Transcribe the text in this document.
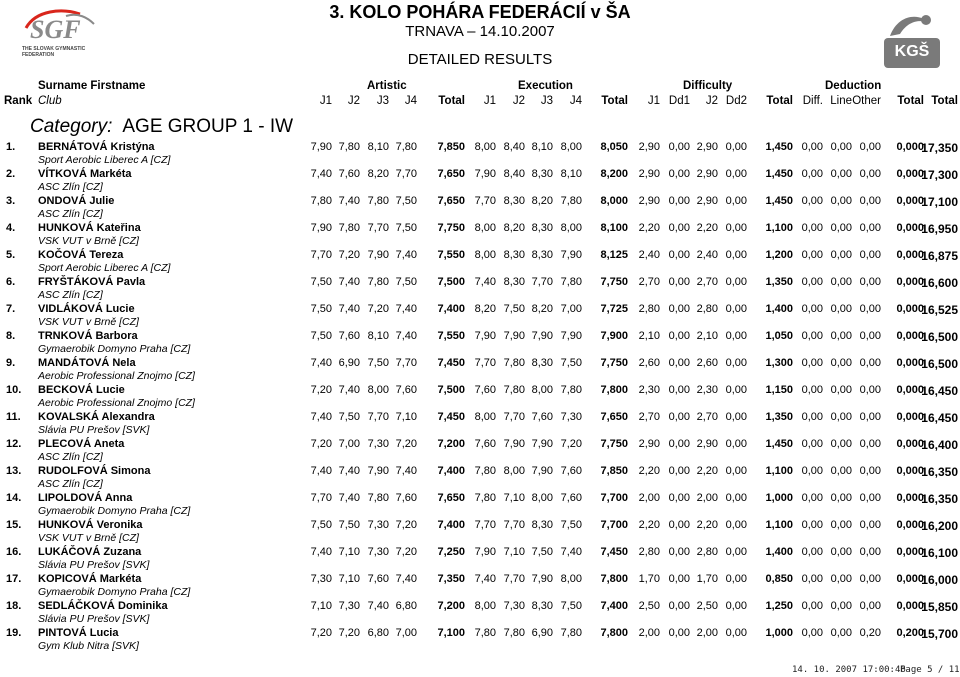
SGF
THE SLOVAK GYMNASTIC FEDERATION	KGŠ
3. KOLO POHÁRA FEDERÁCIÍ v ŠA
TRNAVA – 14.10.2007
DETAILED RESULTS
Surname Firstname
Rank Club
Artistic	Execution	Difficulty	Deduction
J1	J2	J3	J4	Total	J1	J2	J3	J4	Total	J1 Dd1	J2 Dd2	Total Diff. Line Other	Total Total
Category: AGE GROUP 1 - IW
1.	BERNÁTOVÁ Kristýna
Sport Aerobic Liberec A [CZ]
7,90 7,80 8,10 7,80	7,850 8,00 8,40 8,10 8,00	8,050 2,90 0,00 2,90 0,00	1,450 0,00 0,00 0,00	0,000
17,350
2.	VÍTKOVÁ Markéta
ASC Zlín [CZ]
7,40 7,60 8,20 7,70	7,650 7,90 8,40 8,30 8,10	8,200 2,90 0,00 2,90 0,00	1,450 0,00 0,00 0,00	0,000
17,300
3.	ONDOVÁ Julie
ASC Zlín [CZ]
7,80 7,40 7,80 7,50	7,650 7,70 8,30 8,20 7,80	8,000 2,90 0,00 2,90 0,00	1,450 0,00 0,00 0,00	0,000
17,100
4.	HUNKOVÁ Kateřina
VSK VUT v Brně [CZ]
7,90 7,80 7,70 7,50	7,750 8,00 8,20 8,30 8,00	8,100 2,20 0,00 2,20 0,00	1,100 0,00 0,00 0,00	0,000
16,950
5.	KOČOVÁ Tereza
Sport Aerobic Liberec A [CZ]
7,70 7,20 7,90 7,40	7,550 8,00 8,30 8,30 7,90	8,125 2,40 0,00 2,40 0,00	1,200 0,00 0,00 0,00	0,000
16,875
6.	FRYŠTÁKOVÁ Pavla
ASC Zlín [CZ]
7,50 7,40 7,80 7,50	7,500 7,40 8,30 7,70 7,80	7,750 2,70 0,00 2,70 0,00	1,350 0,00 0,00 0,00	0,000
16,600
7.	VIDLÁKOVÁ Lucie
VSK VUT v Brně [CZ]
7,50 7,40 7,20 7,40	7,400 8,20 7,50 8,20 7,00	7,725 2,80 0,00 2,80 0,00	1,400 0,00 0,00 0,00	0,000
16,525
8.	TRNKOVÁ Barbora
Gymaerobik Domyno Praha [CZ]
7,50 7,60 8,10 7,40	7,550 7,90 7,90 7,90 7,90	7,900 2,10 0,00 2,10 0,00	1,050 0,00 0,00 0,00	0,000
16,500
9.	MANDÁTOVÁ Nela
Aerobic Professional Znojmo [CZ]
7,40 6,90 7,50 7,70	7,450 7,70 7,80 8,30 7,50	7,750 2,60 0,00 2,60 0,00	1,300 0,00 0,00 0,00	0,000
16,500
10.	BECKOVÁ Lucie
Aerobic Professional Znojmo [CZ]
7,20 7,40 8,00 7,60	7,500 7,60 7,80 8,00 7,80	7,800 2,30 0,00 2,30 0,00	1,150 0,00 0,00 0,00	0,000
16,450
11.	KOVALSKÁ Alexandra
Slávia PU Prešov [SVK]
7,40 7,50 7,70 7,10	7,450 8,00 7,70 7,60 7,30	7,650 2,70 0,00 2,70 0,00	1,350 0,00 0,00 0,00	0,000
16,450
12.	PLECOVÁ Aneta
ASC Zlín [CZ]
7,20 7,00 7,30 7,20	7,200 7,60 7,90 7,90 7,20	7,750 2,90 0,00 2,90 0,00	1,450 0,00 0,00 0,00	0,000
16,400
13.	RUDOLFOVÁ Simona
ASC Zlín [CZ]
7,40 7,40 7,90 7,40	7,400 7,80 8,00 7,90 7,60	7,850 2,20 0,00 2,20 0,00	1,100 0,00 0,00 0,00	0,000
16,350
14.	LIPOLDOVÁ Anna
Gymaerobik Domyno Praha [CZ]
7,70 7,40 7,80 7,60	7,650 7,80 7,10 8,00 7,60	7,700 2,00 0,00 2,00 0,00	1,000 0,00 0,00 0,00	0,000
16,350
15.	HUNKOVÁ Veronika
VSK VUT v Brně [CZ]
7,50 7,50 7,30 7,20	7,400 7,70 7,70 8,30 7,50	7,700 2,20 0,00 2,20 0,00	1,100 0,00 0,00 0,00	0,000
16,200
16.	LUKÁČOVÁ Zuzana
Slávia PU Prešov [SVK]
7,40 7,10 7,30 7,20	7,250 7,90 7,10 7,50 7,40	7,450 2,80 0,00 2,80 0,00	1,400 0,00 0,00 0,00	0,000
16,100
17.	KOPICOVÁ Markéta
Gymaerobik Domyno Praha [CZ]
7,30 7,10 7,60 7,40	7,350 7,40 7,70 7,90 8,00	7,800 1,70 0,00 1,70 0,00	0,850 0,00 0,00 0,00	0,000
16,000
18.	SEDLÁČKOVÁ Dominika
Slávia PU Prešov [SVK]
7,10 7,30 7,40 6,80	7,200 8,00 7,30 8,30 7,50	7,400 2,50 0,00 2,50 0,00	1,250 0,00 0,00 0,00	0,000
15,850
19.	PINTOVÁ Lucia
Gym Klub Nitra [SVK]
7,20 7,20 6,80 7,00	7,100 7,80 7,80 6,90 7,80	7,800 2,00 0,00 2,00 0,00	1,000 0,00 0,00 0,20	0,200
15,700
14. 10. 2007 17:00:46
Page 5 / 11
